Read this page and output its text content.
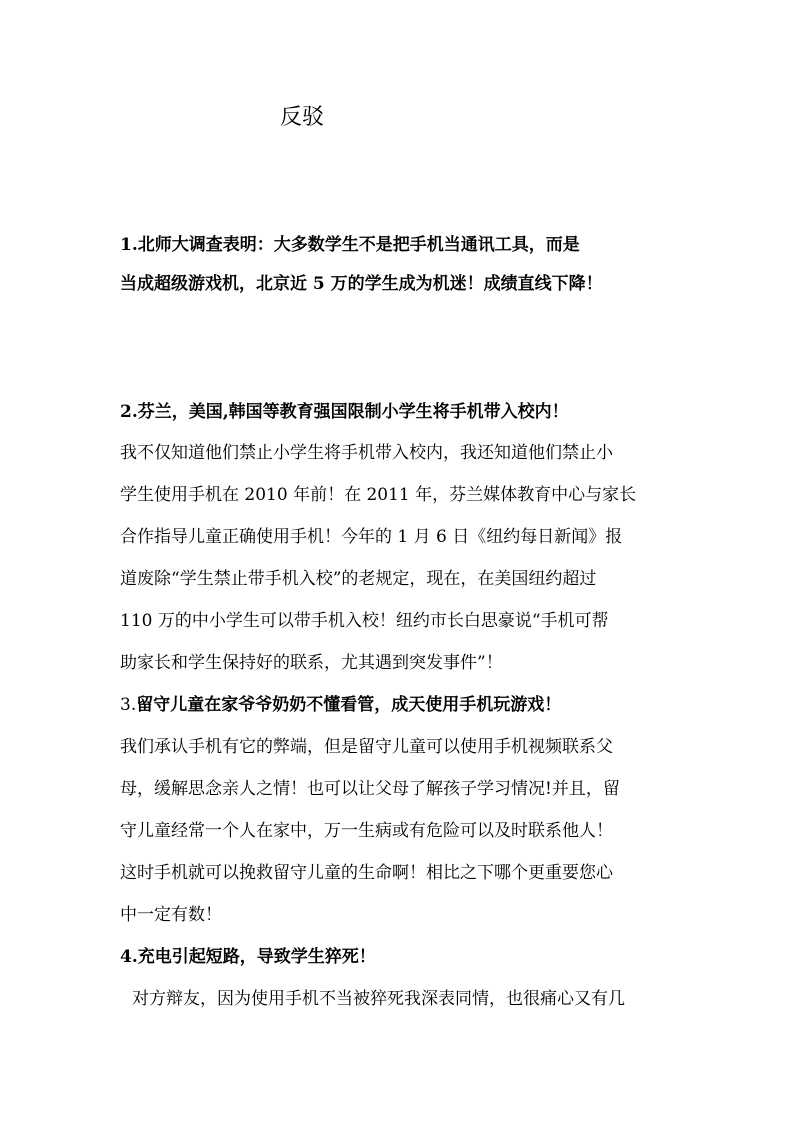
反驳

1.北师大调查表明：大多数学生不是把手机当通讯工具，而是

当成超级游戏机，北京近 5 万的学生成为机迷！成绩直线下降！

2.芬兰，美国,韩国等教育强国限制小学生将手机带入校内！

我不仅知道他们禁止小学生将手机带入校内，我还知道他们禁止小

学生使用手机在 2010 年前！在 2011 年，芬兰媒体教育中心与家长

合作指导儿童正确使用手机！今年的 1 月 6 日《纽约每日新闻》报

道废除“学生禁止带手机入校”的老规定，现在，在美国纽约超过

110 万的中小学生可以带手机入校！纽约市长白思豪说“手机可帮

助家长和学生保持好的联系，尤其遇到突发事件”！

3.留守儿童在家爷爷奶奶不懂看管，成天使用手机玩游戏！

我们承认手机有它的弊端，但是留守儿童可以使用手机视频联系父

母，缓解思念亲人之情！也可以让父母了解孩子学习情况!并且，留

守儿童经常一个人在家中，万一生病或有危险可以及时联系他人！

这时手机就可以挽救留守儿童的生命啊！相比之下哪个更重要您心

中一定有数！

4.充电引起短路，导致学生猝死！

对方辩友，因为使用手机不当被猝死我深表同情，也很痛心又有几
